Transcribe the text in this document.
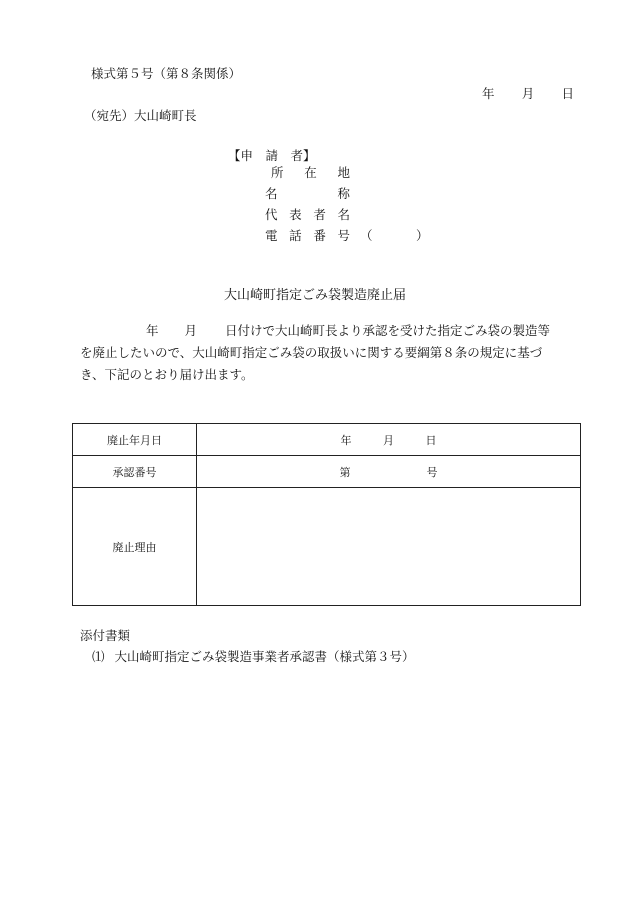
様式第５号（第８条関係）
年 月 日
（宛先）大山崎町長
【申　請　者】
所 在 地
名	称
代 表 者 名
電 話 番 号 （	）
大山崎町指定ごみ袋製造廃止届
年 月 日付けで大山崎町長より承認を受けた指定ごみ袋の製造等
を廃止したいので、大山崎町指定ごみ袋の取扱いに関する要綱第８条の規定に基づ
き、下記のとおり届け出ます。
廃止年月日	年 月 日

承認番号	第 号

廃止理由	
添付書類
⑴ 大山崎町指定ごみ袋製造事業者承認書（様式第３号）
